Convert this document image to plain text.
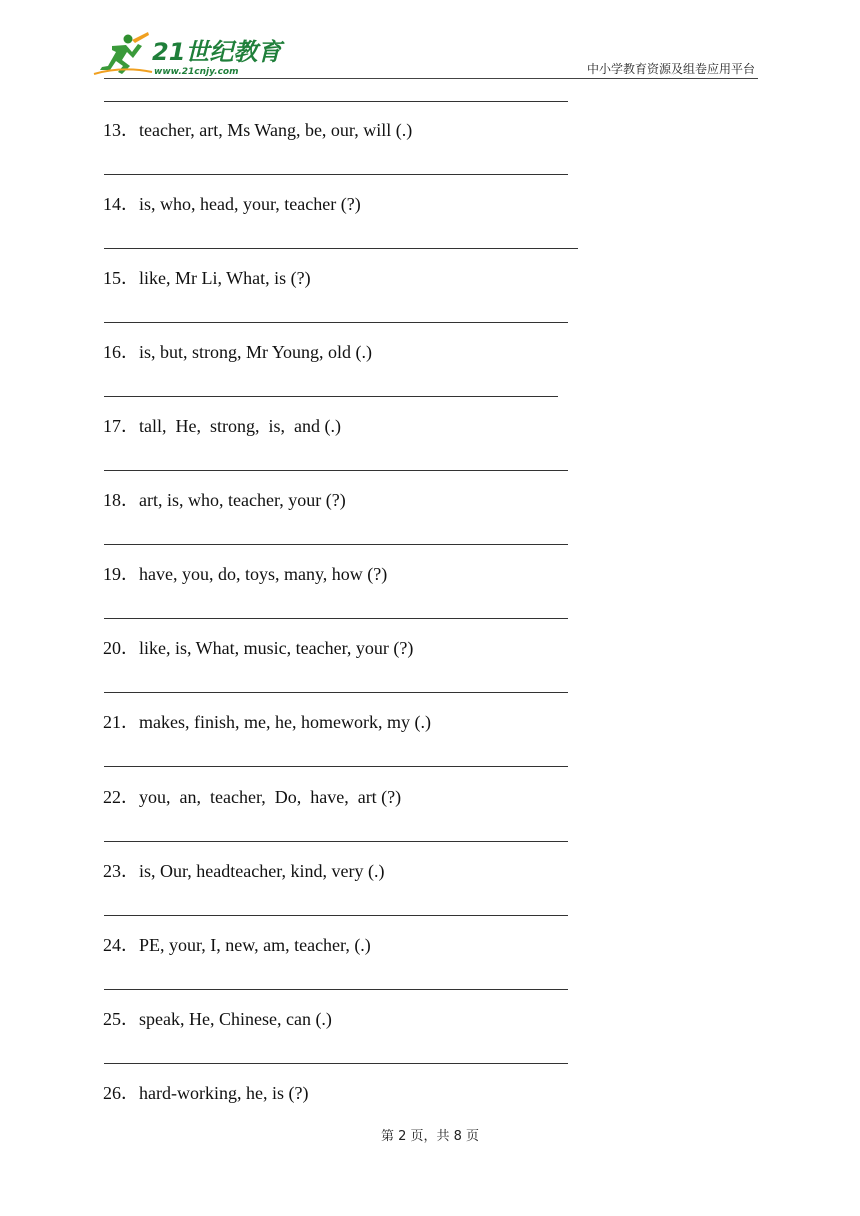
21世纪教育
www.21cnjy.com	中小学教育资源及组卷应用平台
13．teacher, art, Ms Wang, be, our, will (.)
14．is, who, head, your, teacher (?)
15．like, Mr Li, What, is (?)
16．is, but, strong, Mr Young, old (.)
17．tall,  He,  strong,  is,  and (.)
18．art, is, who, teacher, your (?)
19．have, you, do, toys, many, how (?)
20．like, is, What, music, teacher, your (?)
21．makes, finish, me, he, homework, my (.)
22．you,  an,  teacher,  Do,  have,  art (?)
23．is, Our, headteacher, kind, very (.)
24．PE, your, I, new, am, teacher, (.)
25．speak, He, Chinese, can (.)
26．hard-working, he, is (?)
第 2 页，共 8 页
